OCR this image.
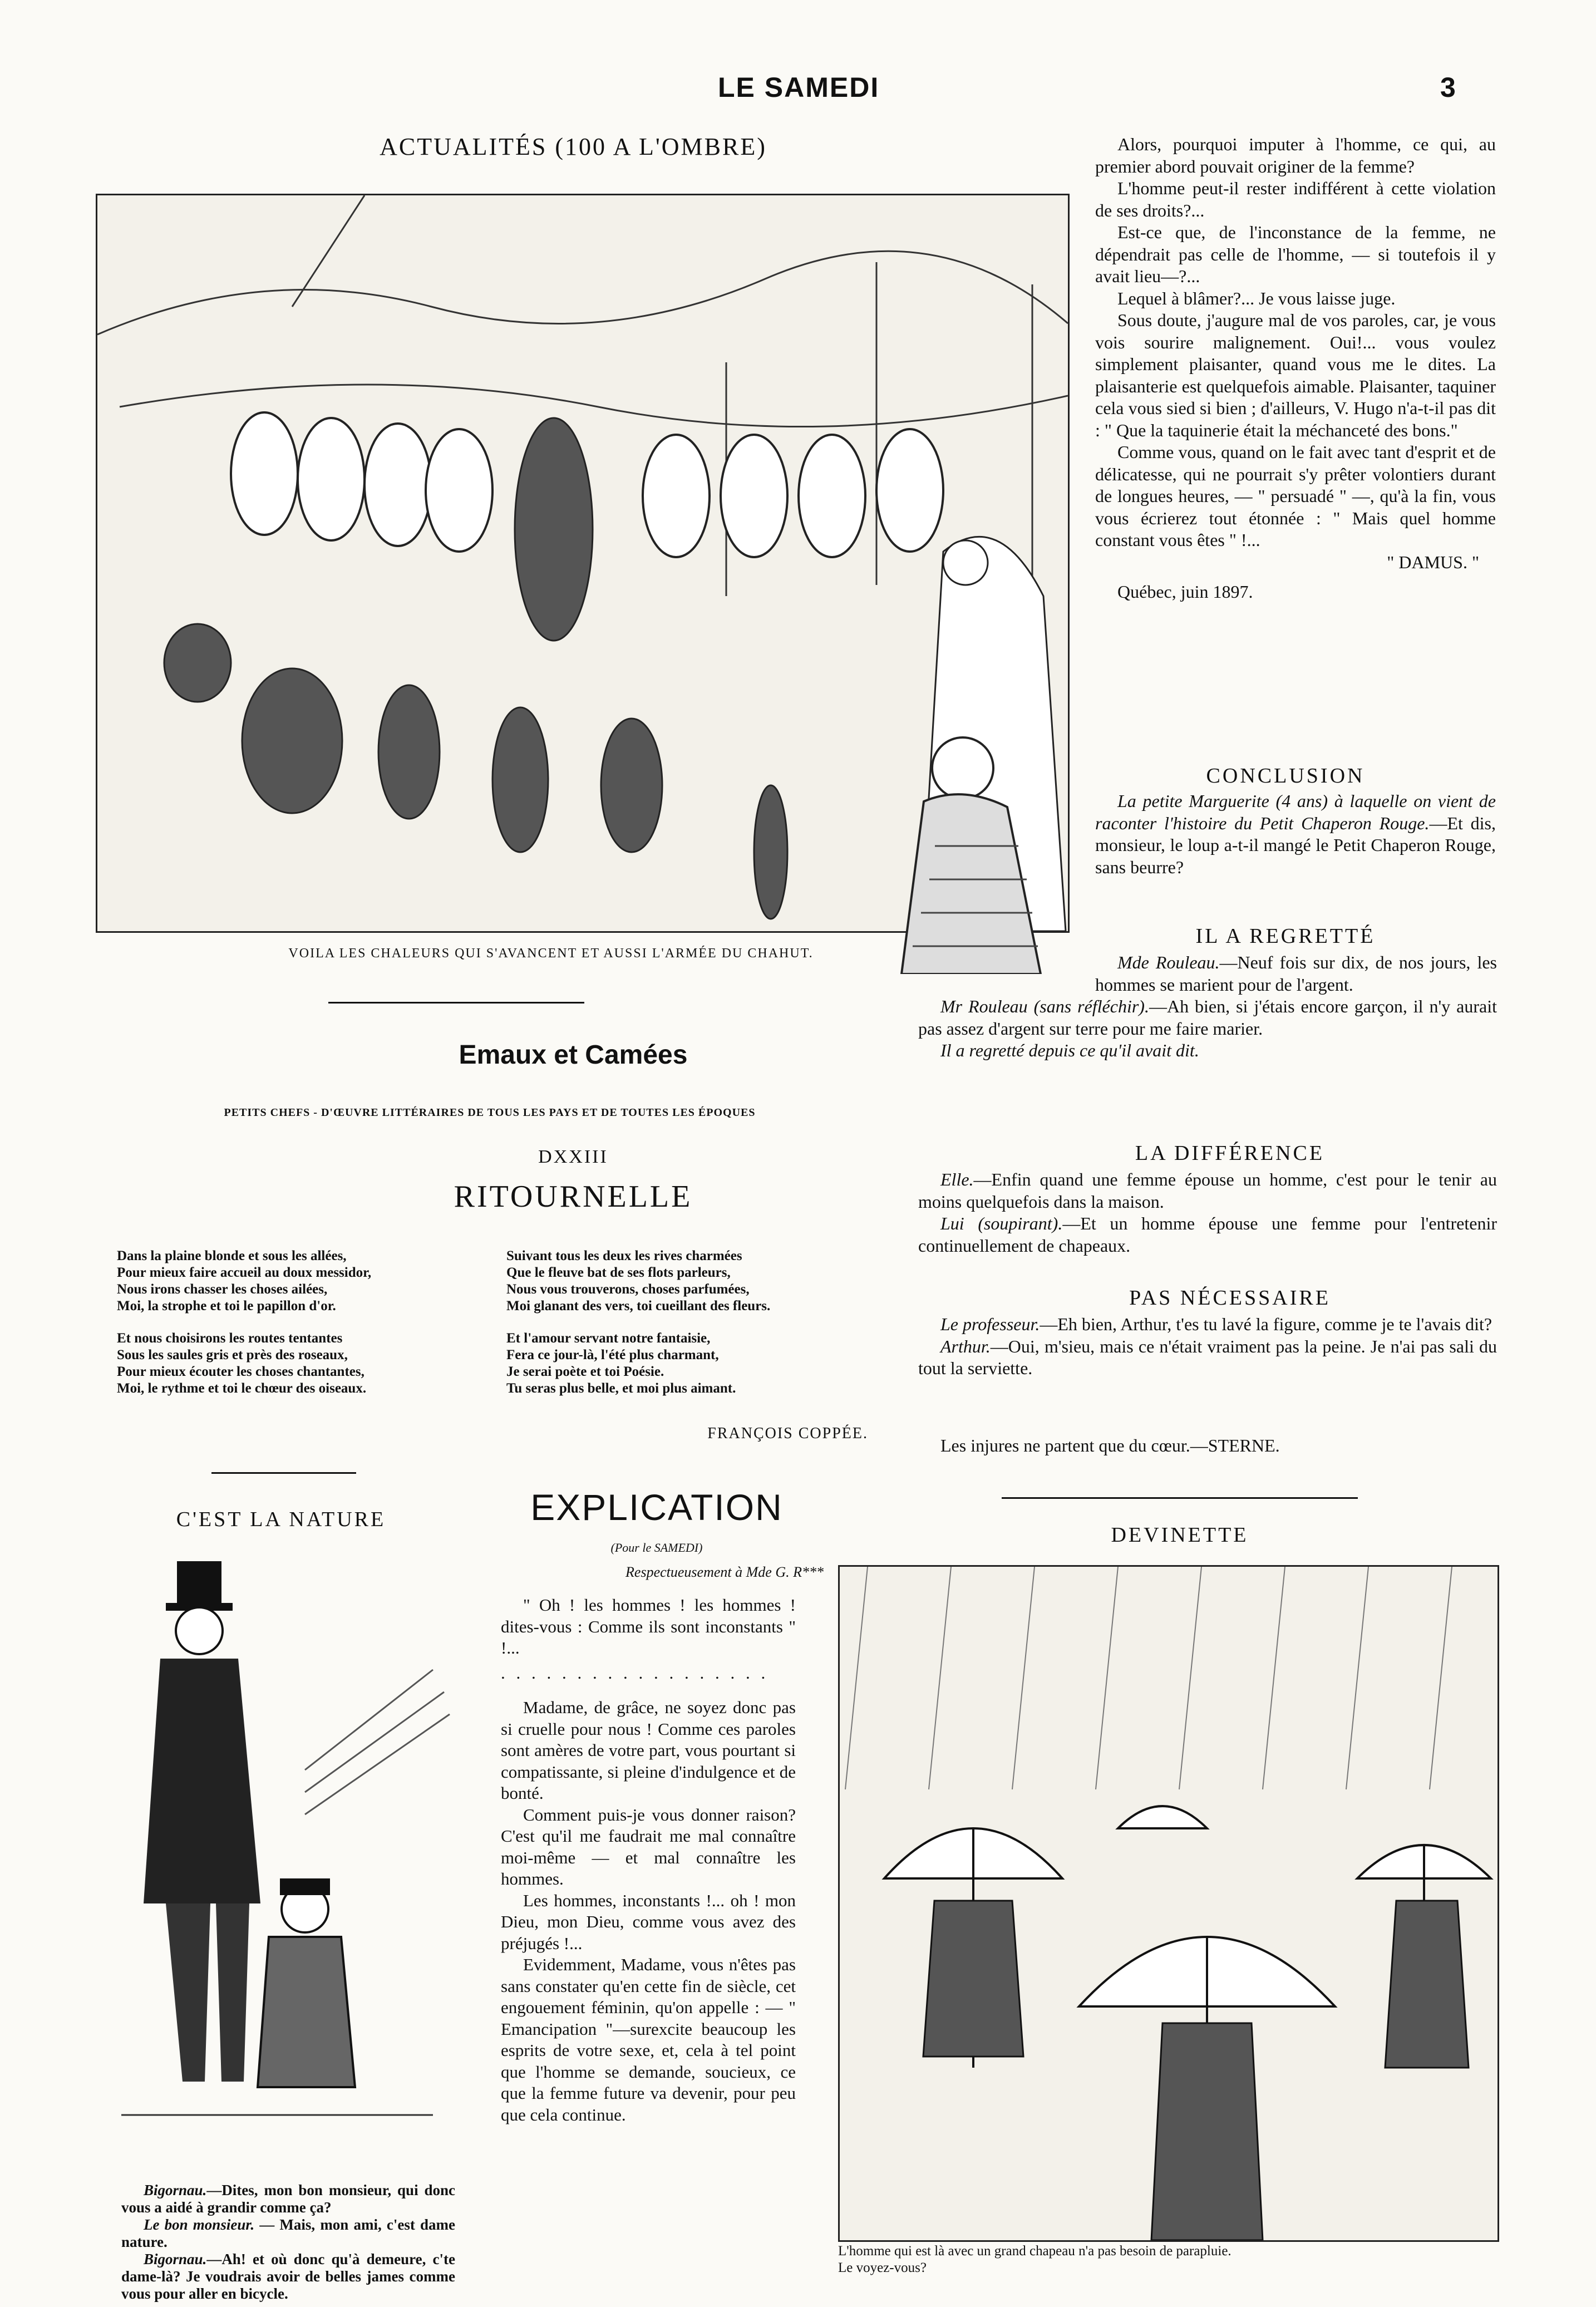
LE SAMEDI	3
ACTUALITÉS (100 A L'OMBRE)
VOILA LES CHALEURS QUI S'AVANCENT ET AUSSI L'ARMÉE DU CHAHUT.

Alors, pourquoi imputer à l'homme, ce qui, au premier abord pouvait originer de la femme?

L'homme peut-il rester indifférent à cette violation de ses droits?...

Est-ce que, de l'inconstance de la femme, ne dépendrait pas celle de l'homme, — si toutefois il y avait lieu—?...

Lequel à blâmer?... Je vous laisse juge.

Sous doute, j'augure mal de vos paroles, car, je vous vois sourire malignement. Oui!... vous voulez simplement plaisanter, quand vous me le dites. La plaisanterie est quelquefois aimable. Plaisanter, taquiner cela vous sied si bien ; d'ailleurs, V. Hugo n'a-t-il pas dit : " Que la taquinerie était la méchanceté des bons."

Comme vous, quand on le fait avec tant d'esprit et de délicatesse, qui ne pourrait s'y prêter volontiers durant de longues heures, — " persuadé " —, qu'à la fin, vous vous écrierez tout étonnée : " Mais quel homme constant vous êtes " !...

" DAMUS. "

Québec, juin 1897.

CONCLUSION

La petite Marguerite (4 ans) à laquelle on vient de raconter l'histoire du Petit Chaperon Rouge.—Et dis, monsieur, le loup a-t-il mangé le Petit Chaperon Rouge, sans beurre?

IL A REGRETTÉ

Mde Rouleau.—Neuf fois sur dix, de nos jours, les hommes se marient pour de l'argent.

Mr Rouleau (sans réfléchir).—Ah bien, si j'étais encore garçon, il n'y aurait pas assez d'argent sur terre pour me faire marier.

Il a regretté depuis ce qu'il avait dit.

LA DIFFÉRENCE

Elle.—Enfin quand une femme épouse un homme, c'est pour le tenir au moins quelquefois dans la maison.

Lui (soupirant).—Et un homme épouse une femme pour l'entretenir continuellement de chapeaux.

PAS NÉCESSAIRE

Le professeur.—Eh bien, Arthur, t'es tu lavé la figure, comme je te l'avais dit?

Arthur.—Oui, m'sieu, mais ce n'était vraiment pas la peine. Je n'ai pas sali du tout la serviette.

Les injures ne partent que du cœur.—STERNE.
Emaux et Camées
PETITS CHEFS - D'ŒUVRE LITTÉRAIRES DE TOUS LES PAYS ET DE TOUTES LES ÉPOQUES
DXXIII
RITOURNELLE
Dans la plaine blonde et sous les allées,
Pour mieux faire accueil au doux messidor,
Nous irons chasser les choses ailées,
Moi, la strophe et toi le papillon d'or.
Et nous choisirons les routes tentantes
Sous les saules gris et près des roseaux,
Pour mieux écouter les choses chantantes,
Moi, le rythme et toi le chœur des oiseaux.
Suivant tous les deux les rives charmées
Que le fleuve bat de ses flots parleurs,
Nous vous trouverons, choses parfumées,
Moi glanant des vers, toi cueillant des fleurs.
Et l'amour servant notre fantaisie,
Fera ce jour-là, l'été plus charmant,
Je serai poète et toi Poésie.
Tu seras plus belle, et moi plus aimant.
FRANÇOIS COPPÉE.
C'EST LA NATURE
Bigornau.—Dites, mon bon monsieur, qui donc vous a aidé à grandir comme ça?
Le bon monsieur. — Mais, mon ami, c'est dame nature.
Bigornau.—Ah! et où donc qu'à demeure, c'te dame-là? Je voudrais avoir de belles james comme vous pour aller en bicycle.
EXPLICATION
(Pour le SAMEDI)
Respectueusement à Mde G. R***

" Oh ! les hommes ! les hommes ! dites-vous : Comme ils sont inconstants " !...

. . . . . . . . . . . . . . . . . .

Madame, de grâce, ne soyez donc pas si cruelle pour nous ! Comme ces paroles sont amères de votre part, vous pourtant si compatissante, si pleine d'indulgence et de bonté.

Comment puis-je vous donner raison? C'est qu'il me faudrait me mal connaître moi-même — et mal connaître les hommes.

Les hommes, inconstants !... oh ! mon Dieu, mon Dieu, comme vous avez des préjugés !...

Evidemment, Madame, vous n'êtes pas sans constater qu'en cette fin de siècle, cet engouement féminin, qu'on appelle : — " Emancipation "—surexcite beaucoup les esprits de votre sexe, et, cela à tel point que l'homme se demande, soucieux, ce que la femme future va devenir, pour peu que cela continue.

DEVINETTE
L'homme qui est là avec un grand chapeau n'a pas besoin de parapluie.
Le voyez-vous?
